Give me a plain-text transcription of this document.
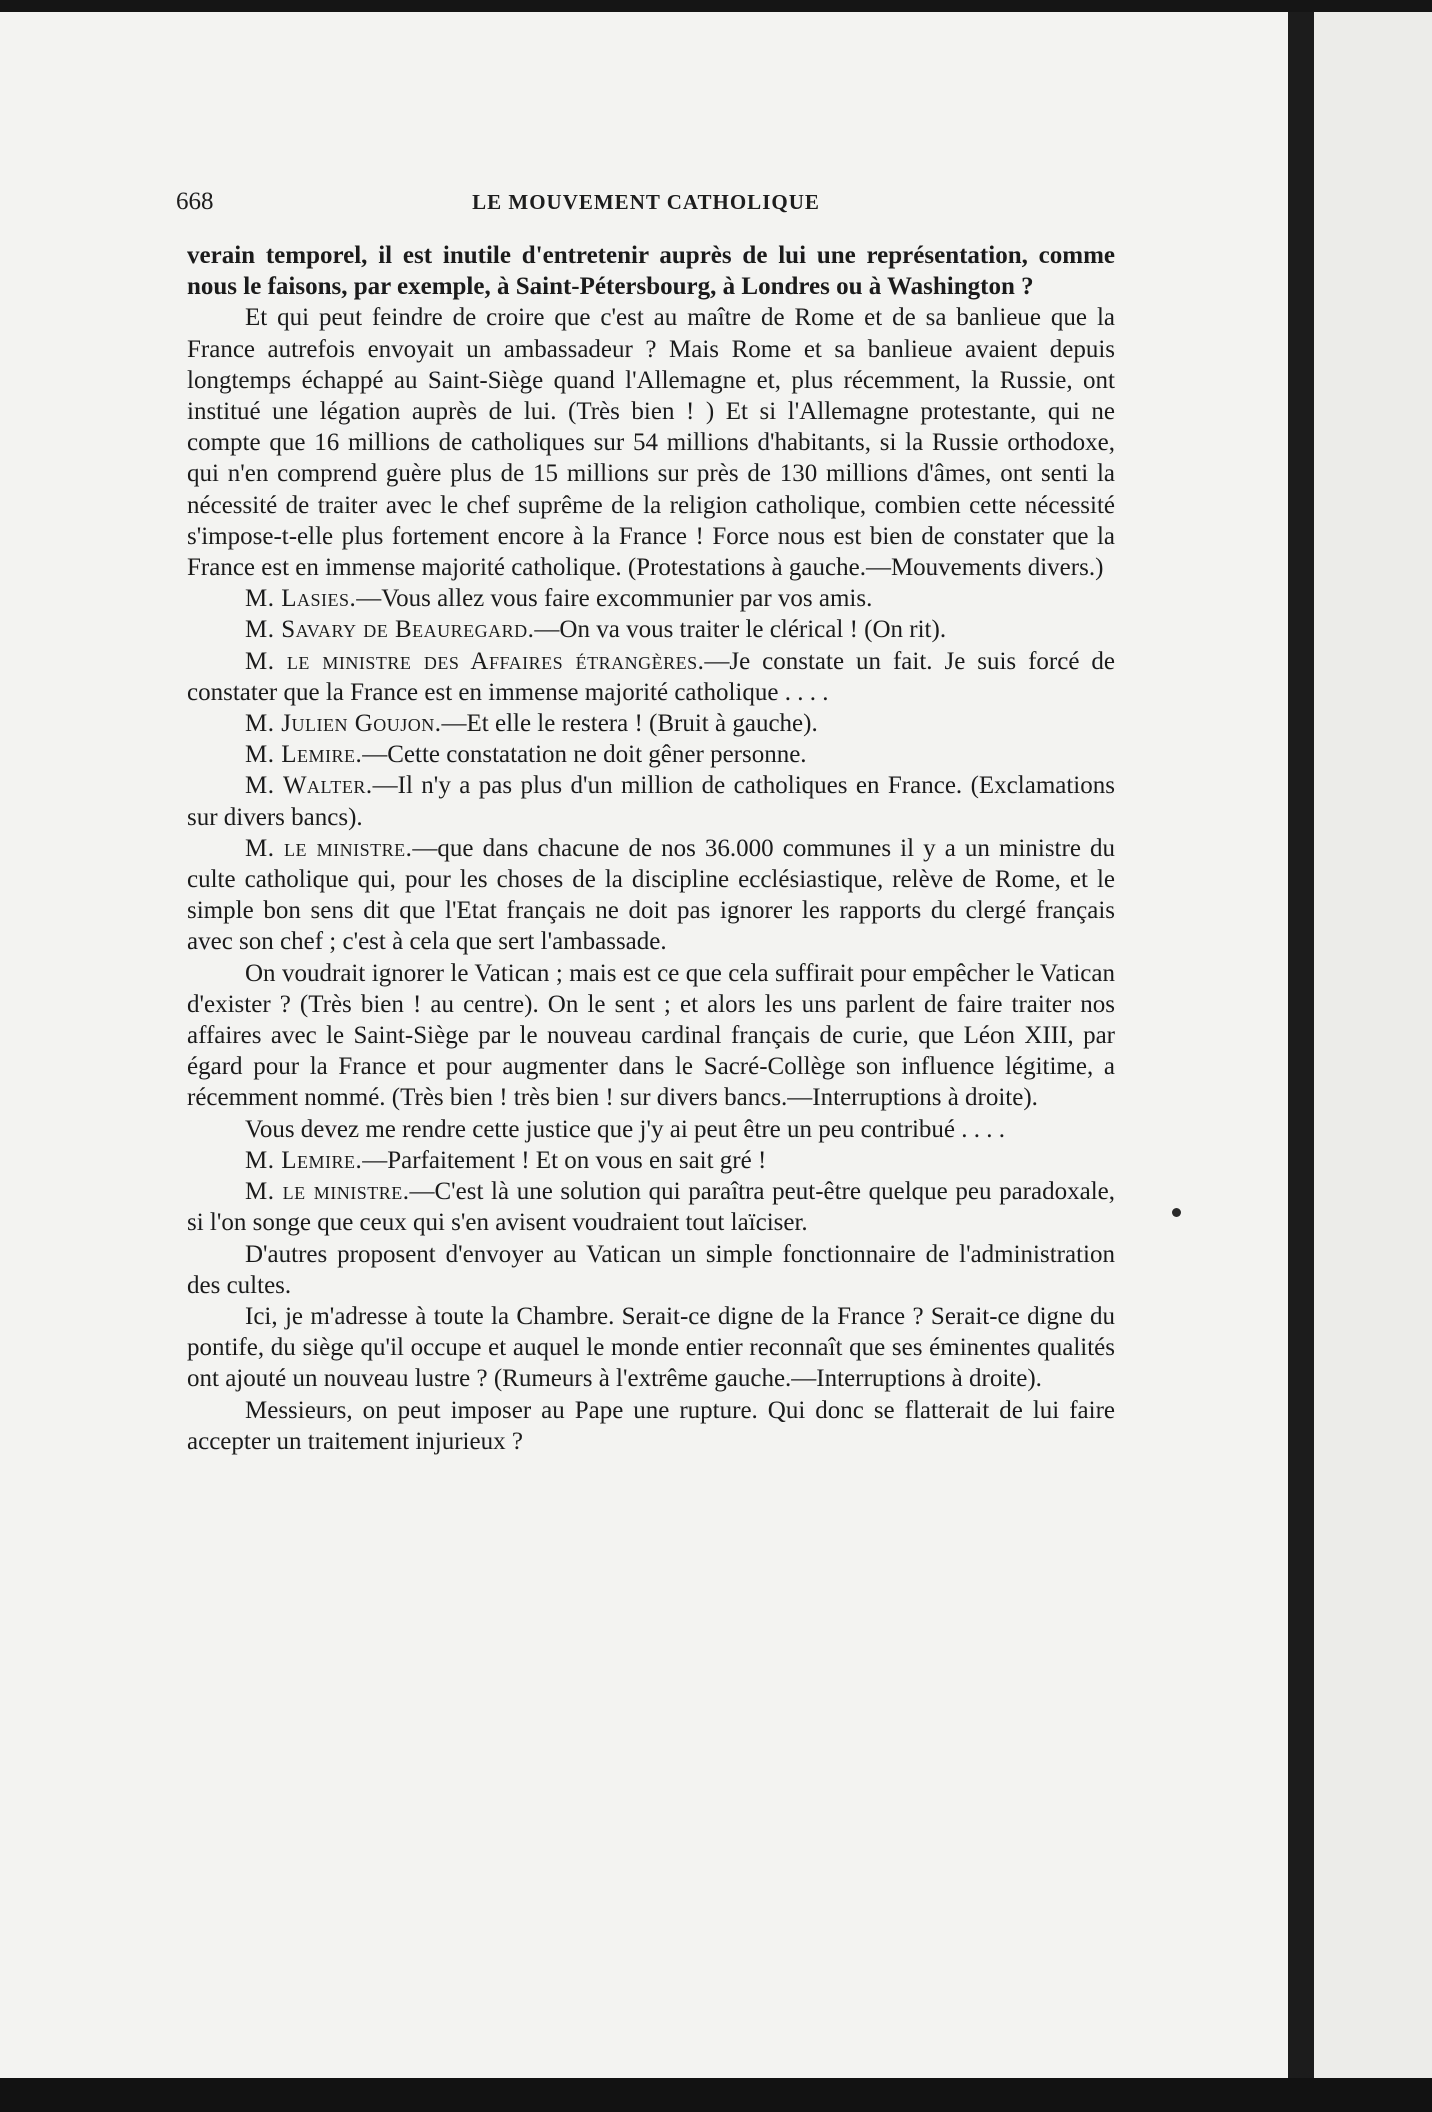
668	LE MOUVEMENT CATHOLIQUE

verain temporel, il est inutile d'entretenir auprès de lui une représentation, comme nous le faisons, par exemple, à Saint-Pétersbourg, à Londres ou à Washington ?

Et qui peut feindre de croire que c'est au maître de Rome et de sa banlieue que la France autrefois envoyait un ambassadeur ? Mais Rome et sa banlieue avaient depuis longtemps échappé au Saint-Siège quand l'Allemagne et, plus récemment, la Russie, ont institué une légation auprès de lui. (Très bien ! ) Et si l'Allemagne protestante, qui ne compte que 16 millions de catholiques sur 54 millions d'habitants, si la Russie orthodoxe, qui n'en comprend guère plus de 15 millions sur près de 130 millions d'âmes, ont senti la nécessité de traiter avec le chef suprême de la religion catholique, combien cette nécessité s'impose-t-elle plus fortement encore à la France ! Force nous est bien de constater que la France est en immense majorité catholique. (Protestations à gauche.—Mouvements divers.)

M. Lasies.—Vous allez vous faire excommunier par vos amis.

M. Savary de Beauregard.—On va vous traiter le clérical ! (On rit).

M. le ministre des Affaires étrangères.—Je constate un fait. Je suis forcé de constater que la France est en immense majorité catholique . . . .

M. Julien Goujon.—Et elle le restera ! (Bruit à gauche).

M. Lemire.—Cette constatation ne doit gêner personne.

M. Walter.—Il n'y a pas plus d'un million de catholiques en France. (Exclamations sur divers bancs).

M. le ministre.—que dans chacune de nos 36.000 communes il y a un ministre du culte catholique qui, pour les choses de la discipline ecclésiastique, relève de Rome, et le simple bon sens dit que l'Etat français ne doit pas ignorer les rapports du clergé français avec son chef ; c'est à cela que sert l'ambassade.

On voudrait ignorer le Vatican ; mais est ce que cela suffirait pour empêcher le Vatican d'exister ? (Très bien ! au centre). On le sent ; et alors les uns parlent de faire traiter nos affaires avec le Saint-Siège par le nouveau cardinal français de curie, que Léon XIII, par égard pour la France et pour augmenter dans le Sacré-Collège son influence légitime, a récemment nommé. (Très bien ! très bien ! sur divers bancs.—Interruptions à droite).

Vous devez me rendre cette justice que j'y ai peut être un peu contribué . . . .

M. Lemire.—Parfaitement ! Et on vous en sait gré !

M. le ministre.—C'est là une solution qui paraîtra peut-être quelque peu paradoxale, si l'on songe que ceux qui s'en avisent voudraient tout laïciser.

D'autres proposent d'envoyer au Vatican un simple fonctionnaire de l'administration des cultes.

Ici, je m'adresse à toute la Chambre. Serait-ce digne de la France ? Serait-ce digne du pontife, du siège qu'il occupe et auquel le monde entier reconnaît que ses éminentes qualités ont ajouté un nouveau lustre ? (Rumeurs à l'extrême gauche.—Interruptions à droite).

Messieurs, on peut imposer au Pape une rupture. Qui donc se flatterait de lui faire accepter un traitement injurieux ?
